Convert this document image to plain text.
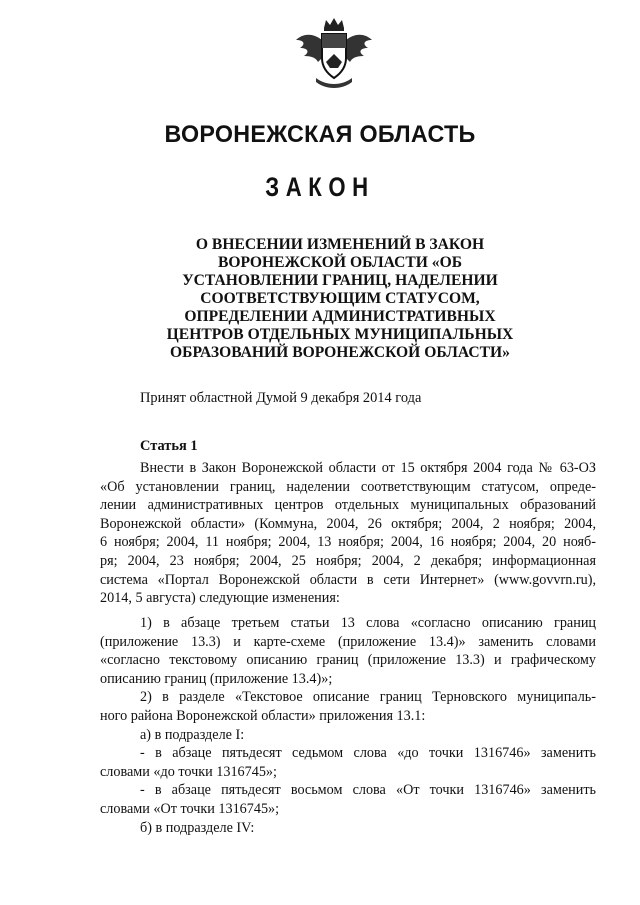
ВОРОНЕЖСКАЯ ОБЛАСТЬ
ЗАКОН
О ВНЕСЕНИИ ИЗМЕНЕНИЙ В ЗАКОН
ВОРОНЕЖСКОЙ ОБЛАСТИ «ОБ
УСТАНОВЛЕНИИ ГРАНИЦ, НАДЕЛЕНИИ
СООТВЕТСТВУЮЩИМ СТАТУСОМ,
ОПРЕДЕЛЕНИИ АДМИНИСТРАТИВНЫХ
ЦЕНТРОВ ОТДЕЛЬНЫХ МУНИЦИПАЛЬНЫХ
ОБРАЗОВАНИЙ ВОРОНЕЖСКОЙ ОБЛАСТИ»
Принят областной Думой 9 декабря 2014 года
Статья 1
Внести в Закон Воронежской области от 15 октября 2004 года № 63-ОЗ
«Об установлении границ, наделении соответствующим статусом, опреде-
лении административных центров отдельных муниципальных образований
Воронежской области» (Коммуна, 2004, 26 октября; 2004, 2 ноября; 2004,
6 ноября; 2004, 11 ноября; 2004, 13 ноября; 2004, 16 ноября; 2004, 20 нояб-
ря; 2004, 23 ноября; 2004, 25 ноября; 2004, 2 декабря; информационная
система «Портал Воронежской области в сети Интернет» (www.govvrn.ru),
2014, 5 августа) следующие изменения:
1) в абзаце третьем статьи 13 слова «согласно описанию границ
(приложение 13.3) и карте-схеме (приложение 13.4)» заменить словами
«согласно текстовому описанию границ (приложение 13.3) и графическому
описанию границ (приложение 13.4)»;
2) в разделе «Текстовое описание границ Терновского муниципаль-
ного района Воронежской области» приложения 13.1:
а) в подразделе I:
- в абзаце пятьдесят седьмом слова «до точки 1316746» заменить
словами «до точки 1316745»;
- в абзаце пятьдесят восьмом слова «От точки 1316746» заменить
словами «От точки 1316745»;
б) в подразделе IV:
